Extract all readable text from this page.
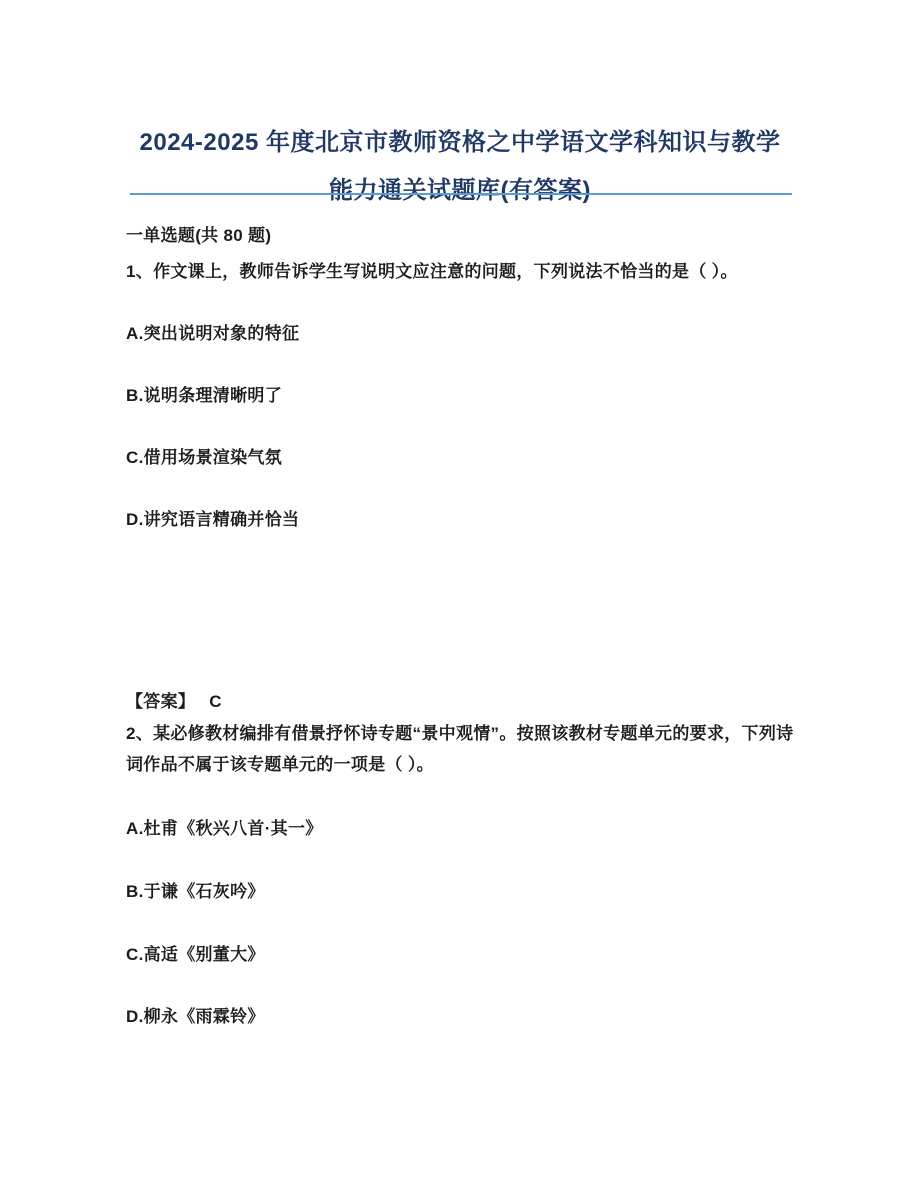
2024-2025 年度北京市教师资格之中学语文学科知识与教学
能力通关试题库(有答案)
一单选题(共 80 题)
1、作文课上，教师告诉学生写说明文应注意的问题，下列说法不恰当的是（ ）。
A.突出说明对象的特征
B.说明条理清晰明了
C.借用场景渲染气氛
D.讲究语言精确并恰当
【答案】 C
2、某必修教材编排有借景抒怀诗专题“景中观情”。按照该教材专题单元的要求，下列诗词作品不属于该专题单元的一项是（ ）。
A.杜甫《秋兴八首·其一》
B.于谦《石灰吟》
C.高适《别董大》
D.柳永《雨霖铃》
